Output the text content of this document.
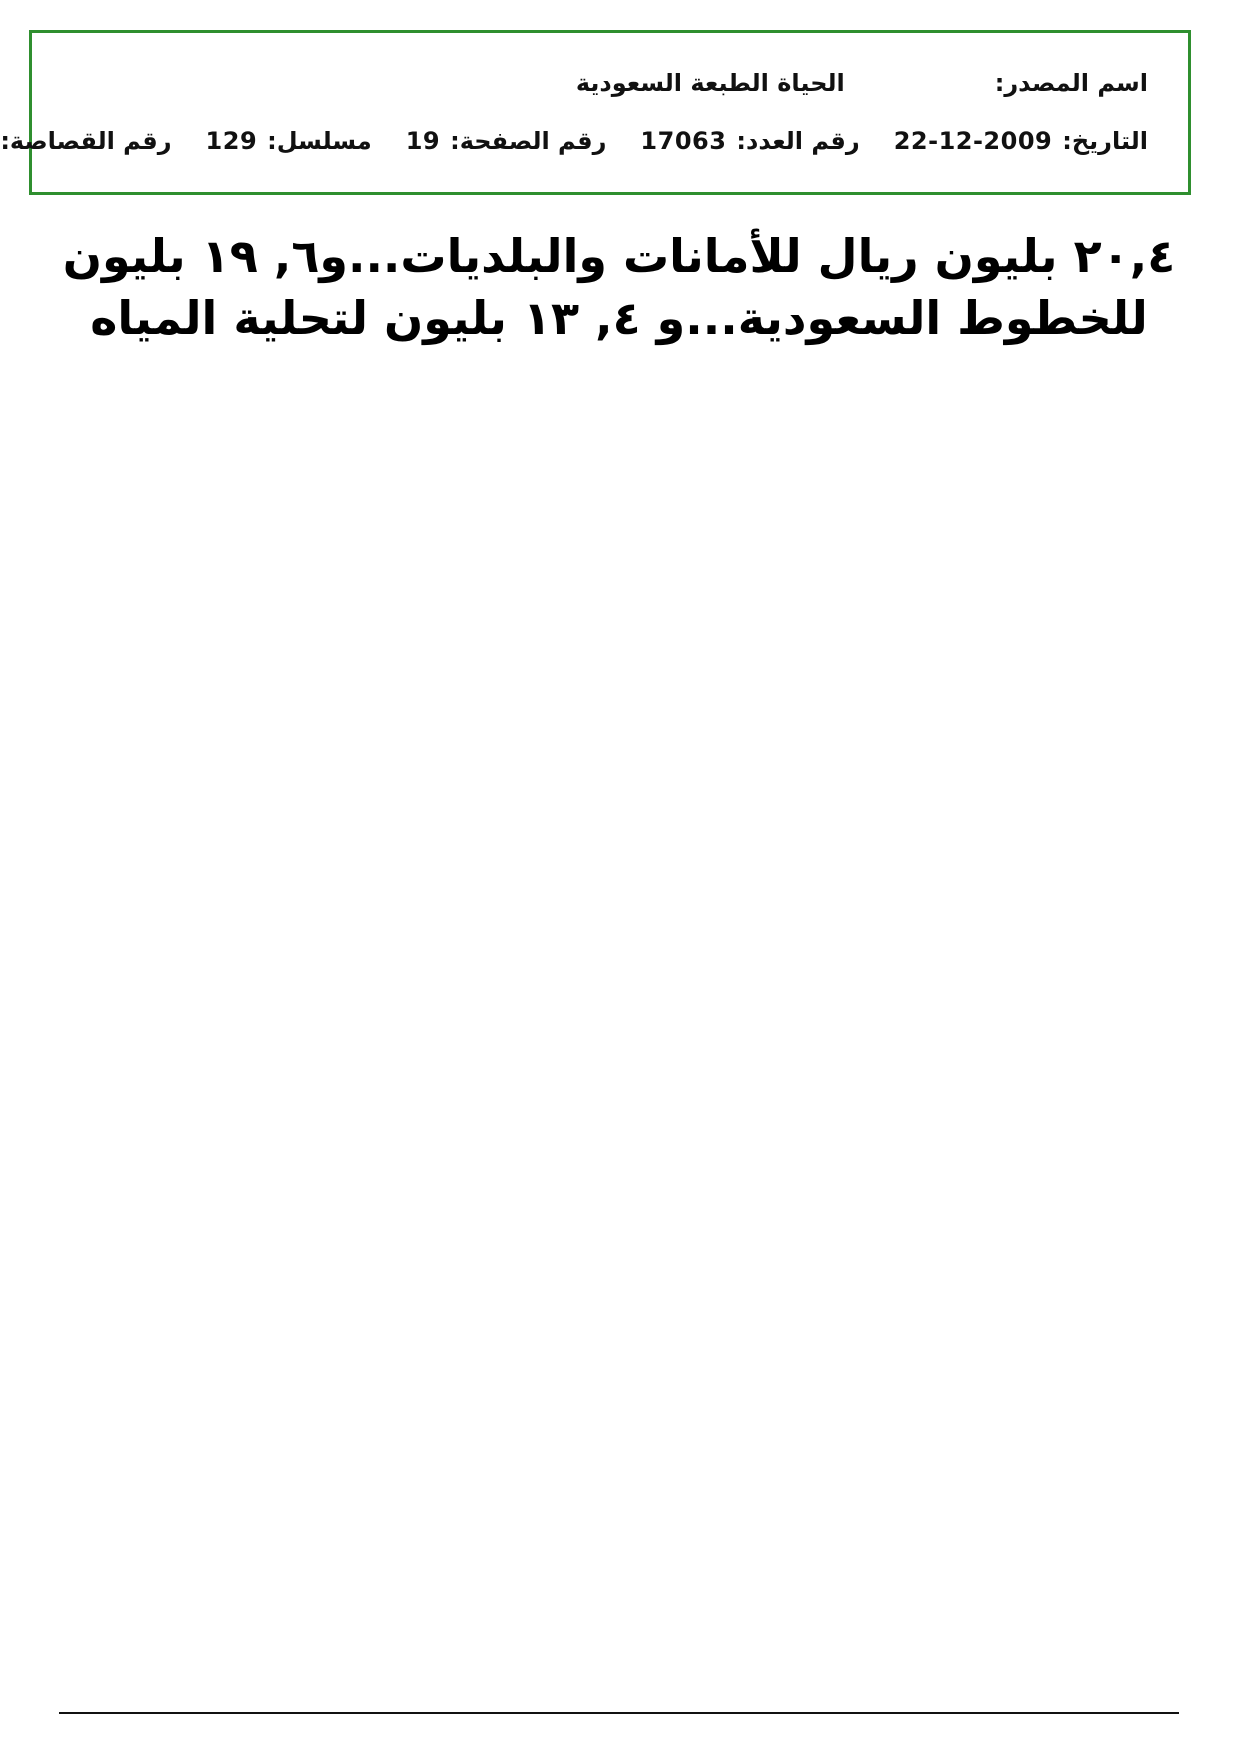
اسم المصدر:
الحياة الطبعة السعودية
التاريخ:
22-12-2009
رقم العدد:
17063
رقم الصفحة:
19
مسلسل:
129
رقم القصاصة:
٢٠,٤ بليون ريال للأمانات والبلديات...و٦, ١٩ بليون
للخطوط السعودية...و ٤, ١٣ بليون لتحلية المياه
